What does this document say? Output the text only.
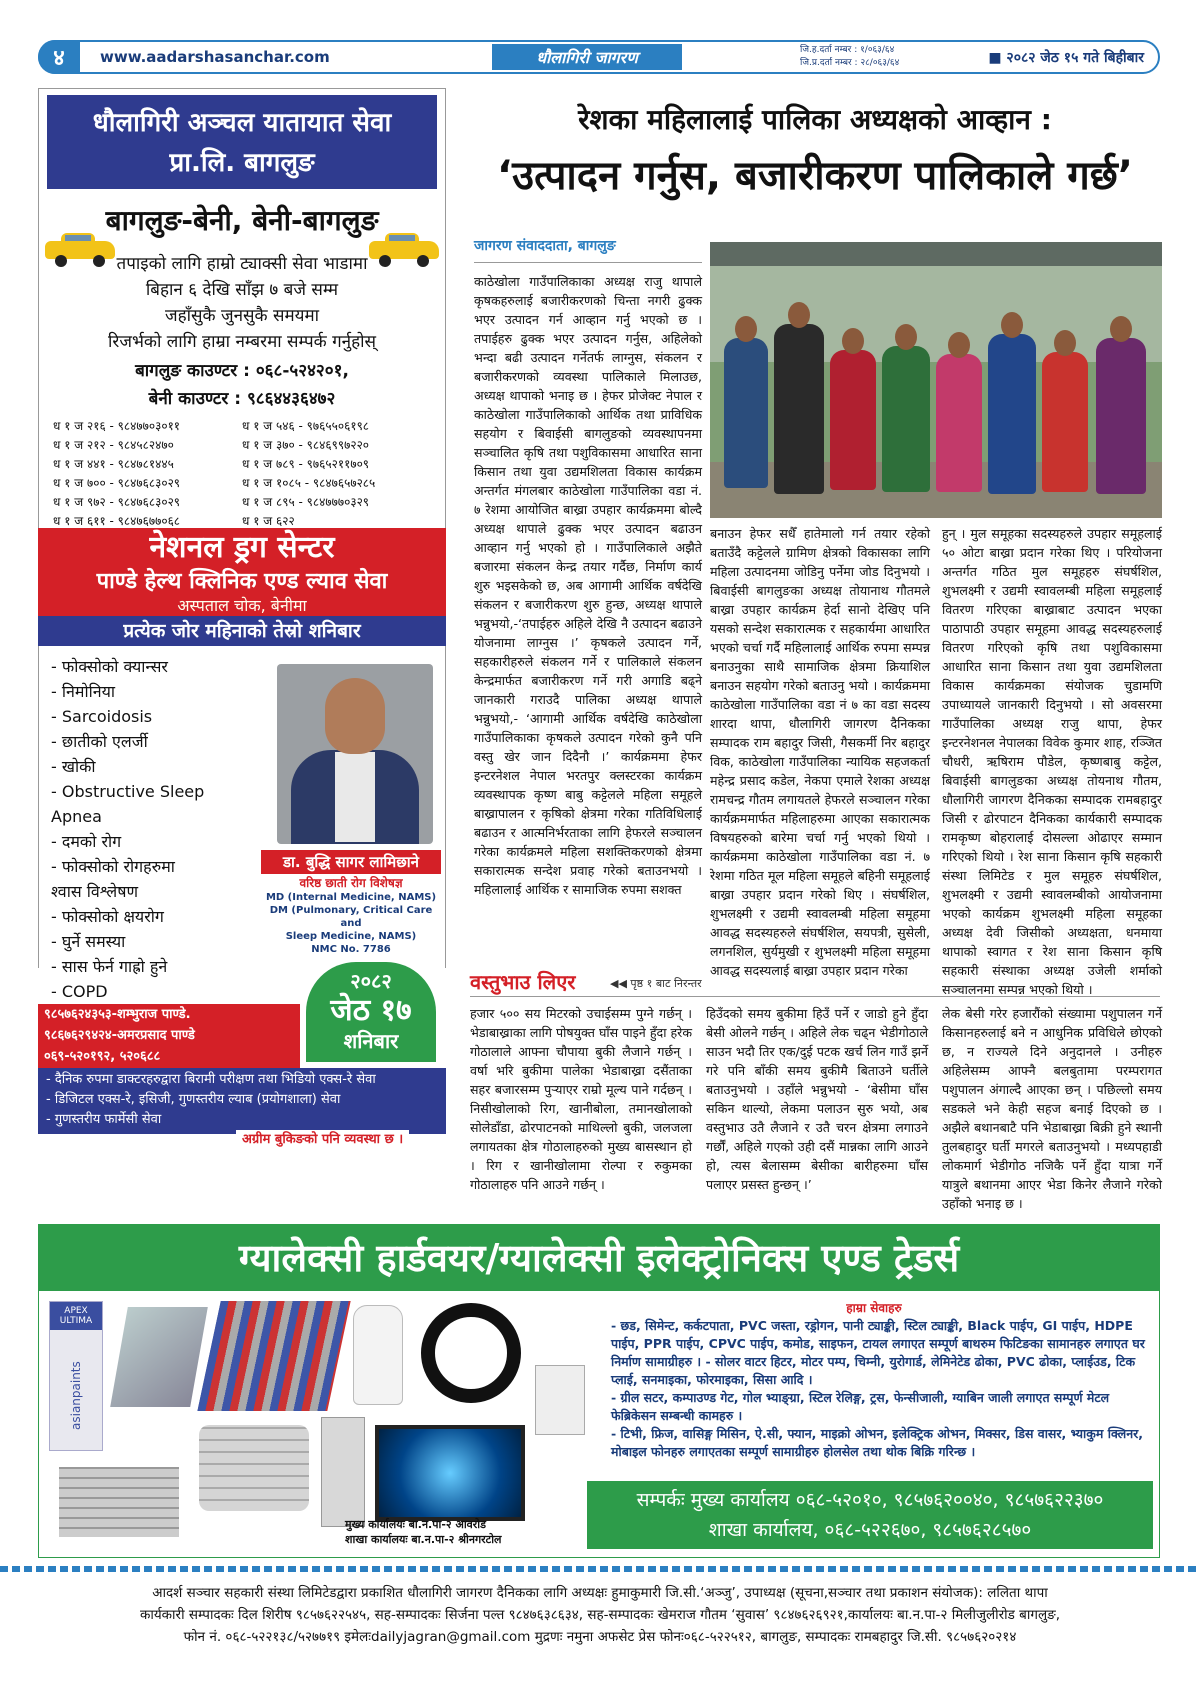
४	www.aadarshasanchar.com	धौलागिरी जागरण	जि.ह.दर्ता नम्बर : १/०६३/६४
जि.प्र.दर्ता नम्बर : २८/०६३/६४	■ २०८२ जेठ १५ गते बिहीबार
धौलागिरी अञ्चल यातायात सेवा
प्रा.लि. बागलुङ
बागलुङ-बेनी, बेनी-बागलुङ
तपाइको लागि हाम्रो ट्याक्सी सेवा भाडामा
बिहान ६ देखि साँझ ७ बजे सम्म
जहाँसुकै जुनसुकै समयमा
रिजर्भको लागि हाम्रा नम्बरमा सम्पर्क गर्नुहोस्
बागलुङ काउण्टर : ०६८-५२४२०१,
बेनी काउण्टर : ९८६४४३६४७२
ध १ ज २१६ - ९८४७७०३०११	ध १ ज ५४६ - ९७६५५०६१९८
ध १ ज २१२ - ९८४५८२४७०	ध १ ज ३७० - ९८४६९९७२२०
ध १ ज ४४१ - ९८४७८१४४५	ध १ ज ७८९ - ९७६५२११७०९
ध १ ज ७०० - ९८४७६८३०२९	ध १ ज १०८५ - ९८४७६५७२८५
ध १ ज ९७२ - ९८४७६८३०२९	ध १ ज ८९५ - ९८४७७७०३२९
ध १ ज ६११ - ९८४७६७७०६८	ध १ ज ६२२
नेशनल ड्रग सेन्टर
पाण्डे हेल्थ क्लिनिक एण्ड ल्याव सेवा
अस्पताल चोक, बेनीमा
प्रत्येक जोर महिनाको तेस्रो शनिबार
- फोक्सोको क्यान्सर
- निमोनिया
- Sarcoidosis
- छातीको एलर्जी
- खोकी
- Obstructive Sleep
Apnea
- दमको रोग
- फोक्सोको रोगहरुमा
श्वास विश्लेषण
- फोक्सोको क्षयरोग
- घुर्ने समस्या
- सास फेर्न गाह्रो हुने
- COPD
डा. बुद्धि सागर लामिछाने
वरिष्ठ छाती रोग विशेषज्ञ
MD (Internal Medicine, NAMS)
DM (Pulmonary, Critical Care and
Sleep Medicine, NAMS)
NMC No. 7786
२०८२
जेठ १७
शनिबार
९८५७६२४३५३-शम्भुराज पाण्डे.
९८६७६२९४२४-अमरप्रसाद पाण्डे
०६९-५२०१९२, ५२०६८८
- दैनिक रुपमा डाक्टरहरुद्वारा बिरामी परीक्षण तथा भिडियो एक्स-रे सेवा
- डिजिटल एक्स-रे, इसिजी, गुणस्तरीय ल्याब (प्रयोगशाला) सेवा
- गुणस्तरीय फार्मेसी सेवाअग्रीम बुकिङको पनि व्यवस्था छ ।
रेशका महिलालाई पालिका अध्यक्षको आव्हान :
‘उत्पादन गर्नुस, बजारीकरण पालिकाले गर्छ’
जागरण संवाददाता, बागलुङ
काठेखोला गाउँपालिकाका अध्यक्ष राजु थापाले कृषकहरुलाई बजारीकरणको चिन्ता नगरी ढुक्क भएर उत्पादन गर्न आव्हान गर्नु भएको छ । तपाईहरु ढुक्क भएर उत्पादन गर्नुस, अहिलेको भन्दा बढी उत्पादन गर्नेतर्फ लाग्नुस, संकलन र बजारीकरणको व्यवस्था पालिकाले मिलाउछ, अध्यक्ष थापाको भनाइ छ । हेफर प्रोजेक्ट नेपाल र काठेखोला गाउँपालिकाको आर्थिक तथा प्राविधिक सहयोग र बिवाईसी बागलुङको व्यवस्थापनमा सञ्चालित कृषि तथा पशुविकासमा आधारित साना किसान तथा युवा उद्यमशिलता विकास कार्यक्रम अन्तर्गत मंगलबार काठेखोला गाउँपालिका वडा नं. ७ रेशमा आयोजित बाख्रा उपहार कार्यक्रममा बोल्दै अध्यक्ष थापाले ढुक्क भएर उत्पादन बढाउन आव्हान गर्नु भएको हो । गाउँपालिकाले अझैते बजारमा संकलन केन्द्र तयार गर्दैछ, निर्माण कार्य शुरु भइसकेको छ, अब आगामी आर्थिक वर्षदेखि संकलन र बजारीकरण शुरु हुन्छ, अध्यक्ष थापाले भन्नुभयो,-‘तपाईहरु अहिले देखि नै उत्पादन बढाउने योजनामा लाग्नुस ।’ कृषकले उत्पादन गर्ने, सहकारीहरुले संकलन गर्ने र पालिकाले संकलन केन्द्रमार्फत बजारीकरण गर्ने गरी अगाडि बढ्ने जानकारी गराउदै पालिका अध्यक्ष थापाले भन्नुभयो,- ‘आगामी आर्थिक वर्षदेखि काठेखोला गाउँपालिकाका कृषकले उत्पादन गरेको कुनै पनि वस्तु खेर जान दिदैनौ ।’ कार्यक्रममा हेफर इन्टरनेशल नेपाल भरतपुर क्लस्टरका कार्यक्रम व्यवस्थापक कृष्ण बाबु कट्टेलले महिला समूहले बाख्रापालन र कृषिको क्षेत्रमा गरेका गतिविधिलाई बढाउन र आत्मनिर्भरताका लागि हेफरले सञ्चालन गरेका कार्यक्रमले महिला सशक्तिकरणको क्षेत्रमा सकारात्मक सन्देश प्रवाह गरेको बताउनभयो । महिलालाई आर्थिक र सामाजिक रुपमा सशक्त
बनाउन हेफर सधैँ हातेमालो गर्न तयार रहेको बताउँदै कट्टेलले ग्रामिण क्षेत्रको विकासका लागि महिला उत्पादनमा जोडिनु पर्नेमा जोड दिनुभयो । बिवाईसी बागलुङका अध्यक्ष तोयानाथ गौतमले बाख्रा उपहार कार्यक्रम हेर्दा सानो देखिए पनि यसको सन्देश सकारात्मक र सहकार्यमा आधारित भएको चर्चा गर्दै महिलालाई आर्थिक रुपमा सम्पन्न बनाउनुका साथै सामाजिक क्षेत्रमा क्रियाशिल बनाउन सहयोग गरेको बताउनु भयो । कार्यक्रममा काठेखोला गाउँपालिका वडा नं ७ का वडा सदस्य शारदा थापा, धौलागिरी जागरण दैनिकका सम्पादक राम बहादुर जिसी, गैसकर्मी निर बहादुर विक, काठेखोला गाउँपालिका न्यायिक सहजकर्ता महेन्द्र प्रसाद कडेल, नेकपा एमाले रेशका अध्यक्ष रामचन्द्र गौतम लगायतले हेफरले सञ्चालन गरेका कार्यक्रममार्फत महिलाहरुमा आएका सकारात्मक विषयहरुको बारेमा चर्चा गर्नु भएको थियो । कार्यक्रममा काठेखोला गाउँपालिका वडा नं. ७ रेशमा गठित मूल महिला समूहले बहिनी समूहलाई बाख्रा उपहार प्रदान गरेको थिए । संघर्षशिल, शुभलक्ष्मी र उद्यमी स्वावलम्बी महिला समूहमा आवद्ध सदस्यहरुले संघर्षशिल, सयपत्री, सुसेली, लगनशिल, सुर्यमुखी र शुभलक्ष्मी महिला समूहमा आवद्ध सदस्यलाई बाख्रा उपहार प्रदान गरेका
हुन् । मुल समूहका सदस्यहरुले उपहार समूहलाई ५० ओटा बाख्रा प्रदान गरेका थिए । परियोजना अन्तर्गत गठित मुल समूहहरु संघर्षशिल, शुभलक्ष्मी र उद्यमी स्वावलम्बी महिला समूहलाई वितरण गरिएका बाख्राबाट उत्पादन भएका पाठापाठी उपहार समूहमा आवद्ध सदस्यहरुलाई वितरण गरिएको कृषि तथा पशुविकासमा आधारित साना किसान तथा युवा उद्यमशिलता विकास कार्यक्रमका संयोजक चुडामणि उपाध्यायले जानकारी दिनुभयो । सो अवसरमा गाउँपालिका अध्यक्ष राजु थापा, हेफर इन्टरनेशनल नेपालका विवेक कुमार शाह, रञ्जित चौधरी, ऋषिराम पौडेल, कृष्णबाबु कट्टेल, बिवाईसी बागलुङका अध्यक्ष तोयनाथ गौतम, धौलागिरी जागरण दैनिकका सम्पादक रामबहादुर जिसी र ढोरपाटन दैनिकका कार्यकारी सम्पादक रामकृष्ण बोहरालाई दोसल्ला ओढाएर सम्मान गरिएको थियो । रेश साना किसान कृषि सहकारी संस्था लिमिटेड र मुल समूहरु संघर्षशिल, शुभलक्ष्मी र उद्यमी स्वावलम्बीको आयोजनामा भएको कार्यक्रम शुभलक्ष्मी महिला समूहका अध्यक्ष देवी जिसीको अध्यक्षता, धनमाया थापाको स्वागत र रेश साना किसान कृषि सहकारी संस्थाका अध्यक्ष उजेली शर्माको सञ्चालनमा सम्पन्न भएको थियो ।
वस्तुभाउ लिएर	◀◀ पृष्ठ १ बाट निरन्तर
हजार ५०० सय मिटरको उचाईसम्म पुग्ने गर्छन् । भेडाबाख्राका लागि पोषयुक्त घाँस पाइने हुँदा हरेक गोठालाले आफ्ना चौपाया बुकी लैजाने गर्छन् । वर्षा भरि बुकीमा पालेका भेडाबाख्रा दसैंताका सहर बजारसम्म पुऱ्याएर राम्रो मूल्य पाने गर्दछन् । निसीखोलाको रिग, खानीबोला, तमानखोलाको सोलेडाँडा, ढोरपाटनको माथिल्लो बुकी, जलजला लगायतका क्षेत्र गोठालाहरुको मुख्य बासस्थान हो । रिग र खानीखोलामा रोल्पा र रुकुमका गोठालाहरु पनि आउने गर्छन् ।
हिउँदको समय बुकीमा हिउँ पर्ने र जाडो हुने हुँदा बेसी ओलने गर्छन् । अहिले लेक चढ्न भेडीगोठाले साउन भदौ तिर एक/दुई पटक खर्च लिन गाउँ झर्ने गरे पनि बाँकी समय बुकीमै बिताउने घर्तीले बताउनुभयो । उहाँले भन्नुभयो - ‘बेसीमा घाँस सकिन थाल्यो, लेकमा पलाउन सुरु भयो, अब वस्तुभाउ उतै लैजाने र उतै चरन क्षेत्रमा लगाउने गर्छौं, अहिले गएको उही दसैं मान्नका लागि आउने हो, त्यस बेलासम्म बेसीका बारीहरुमा घाँस पलाएर प्रसस्त हुन्छन् ।’
लेक बेसी गरेर हजारौंको संख्यामा पशुपालन गर्ने किसानहरुलाई बने न आधुनिक प्रविधिले छोएको छ, न राज्यले दिने अनुदानले । उनीहरु अहिलेसम्म आफ्नै बलबुतामा परम्परागत पशुपालन अंगाल्दै आएका छन् । पछिल्लो समय सडकले भने केही सहज बनाई दिएको छ । अझैले बथानबाटै पनि भेडाबाख्रा बिक्री हुने स्थानी तुलबहादुर घर्ती मगरले बताउनुभयो । मध्यपहाडी लोकमार्ग भेडीगोठ नजिकै पर्ने हुँदा यात्रा गर्ने यात्रुले बथानमा आएर भेडा किनेर लैजाने गरेको उहाँको भनाइ छ ।
ग्यालेक्सी हार्डवयर/ग्यालेक्सी इलेक्ट्रोनिक्स एण्ड ट्रेडर्स
APEX ULTIMA
asianpaints
हाम्रा सेवाहरु
- छड, सिमेन्ट, कर्कटपाता, PVC जस्ता, रड्रोगन, पानी ट्याङ्की, स्टिल ट्याङ्की, Black पाईप, GI पाईप, HDPE पाईप, PPR पाईप, CPVC पाईप, कमोड, साइफन, टायल लगाएत सम्पूर्ण बाथरुम फिटिङका सामानहरु लगाएत घर निर्माण सामाग्रीहरु । - सोलर वाटर हिटर, मोटर पम्प, चिम्नी, युरोगार्ड, लेमिनेटेड ढोका, PVC ढोका, प्लाईउड, टिक प्लाई, सनमाइका, फोरमाइका, सिसा आदि ।
- ग्रील सटर, कम्पाउण्ड गेट, गोल भ्याङ्ग्रा, स्टिल रेलिङ्ग, ट्रस, फेन्सीजाली, ग्याबिन जाली लगाएत सम्पूर्ण मेटल फेब्रिकेसन सम्बन्धी कामहरु ।
- टिभी, फ्रिज, वासिङ्ग मिसिन, ऐ.सी, फ्यान, माइक्रो ओभन, इलेक्ट्रिक ओभन, मिक्सर, डिस वासर, भ्याकुम क्लिनर, मोबाइल फोनहरु लगाएतका सम्पूर्ण सामाग्रीहरु होलसेल तथा थोक बिक्रि गरिन्छ ।
मुख्य कार्यालयः बा.न.पा-२ आवरोड
शाखा कार्यालयः बा.न.पा-२ श्रीनगरटोल
सम्पर्कः मुख्य कार्यालय ०६८-५२०१०, ९८५७६२००४०, ९८५७६२२३७०
शाखा कार्यालय, ०६८-५२२६७०, ९८५७६२८५७०
आदर्श सञ्चार सहकारी संस्था लिमिटेडद्वारा प्रकाशित धौलागिरी जागरण दैनिकका लागि अध्यक्षः हुमाकुमारी जि.सी.‘अञ्जु’, उपाध्यक्ष (सूचना,सञ्चार तथा प्रकाशन संयोजक): ललिता थापा
कार्यकारी सम्पादकः दिल शिरीष ९८५७६२२५४५, सह-सम्पादकः सिर्जना पल्त ९८४७६३८६३४, सह-सम्पादकः खेमराज गौतम ‘सुवास’ ९८४७६२६९२१,कार्यालयः बा.न.पा-२ मिलीजुलीरोड बागलुङ,
फोन नं. ०६८-५२२१३८/५२७७१९ इमेलःdailyjagran@gmail.com मुद्रणः नमुना अफसेट प्रेस फोनः०६८-५२२५१२, बागलुङ, सम्पादकः रामबहादुर जि.सी. ९८५७६२०२१४
